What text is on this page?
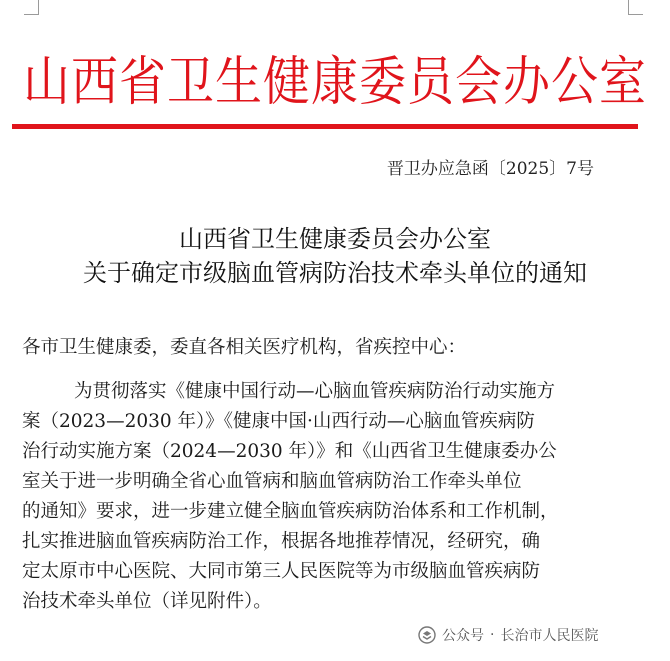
山西省卫生健康委员会办公室
晋卫办应急函〔2025〕7号
山西省卫生健康委员会办公室
关于确定市级脑血管病防治技术牵头单位的通知
各市卫生健康委，委直各相关医疗机构，省疾控中心：
为贯彻落实《健康中国行动—心脑血管疾病防治行动实施方
案（2023—2030 年）》《健康中国·山西行动—心脑血管疾病防
治行动实施方案（2024—2030 年）》和《山西省卫生健康委办公
室关于进一步明确全省心血管病和脑血管病防治工作牵头单位
的通知》要求，进一步建立健全脑血管疾病防治体系和工作机制，
扎实推进脑血管疾病防治工作，根据各地推荐情况，经研究，确
定太原市中心医院、大同市第三人民医院等为市级脑血管疾病防
治技术牵头单位（详见附件）。
公众号 · 长治市人民医院
